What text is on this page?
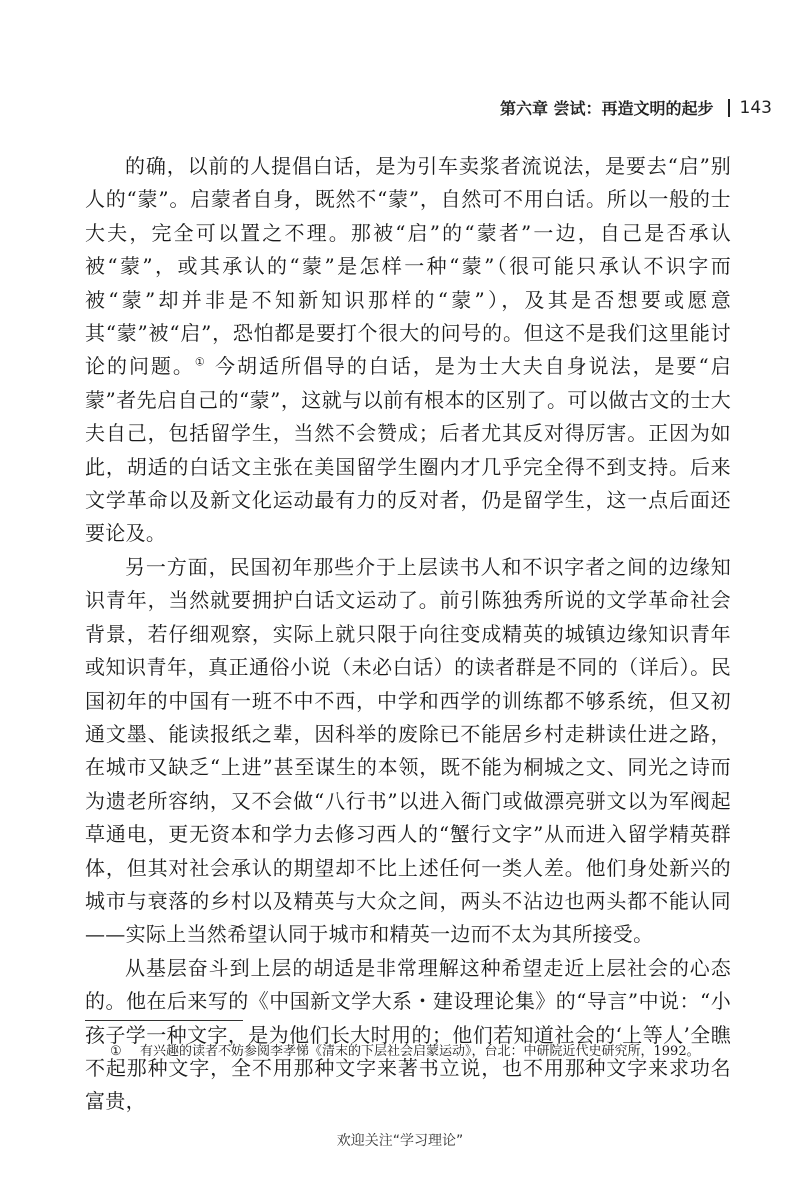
第六章 尝试：再造文明的起步 143

的确，以前的人提倡白话，是为引车卖浆者流说法，是要去“启”别人的“蒙”。启蒙者自身，既然不“蒙”，自然可不用白话。所以一般的士大夫，完全可以置之不理。那被“启”的“蒙者”一边，自己是否承认被“蒙”，或其承认的“蒙”是怎样一种“蒙”（很可能只承认不识字而被“蒙”却并非是不知新知识那样的“蒙”），及其是否想要或愿意其“蒙”被“启”，恐怕都是要打个很大的问号的。但这不是我们这里能讨论的问题。① 今胡适所倡导的白话，是为士大夫自身说法，是要“启蒙”者先启自己的“蒙”，这就与以前有根本的区别了。可以做古文的士大夫自己，包括留学生，当然不会赞成；后者尤其反对得厉害。正因为如此，胡适的白话文主张在美国留学生圈内才几乎完全得不到支持。后来文学革命以及新文化运动最有力的反对者，仍是留学生，这一点后面还要论及。

另一方面，民国初年那些介于上层读书人和不识字者之间的边缘知识青年，当然就要拥护白话文运动了。前引陈独秀所说的文学革命社会背景，若仔细观察，实际上就只限于向往变成精英的城镇边缘知识青年或知识青年，真正通俗小说（未必白话）的读者群是不同的（详后）。民国初年的中国有一班不中不西，中学和西学的训练都不够系统，但又初通文墨、能读报纸之辈，因科举的废除已不能居乡村走耕读仕进之路，在城市又缺乏“上进”甚至谋生的本领，既不能为桐城之文、同光之诗而为遗老所容纳，又不会做“八行书”以进入衙门或做漂亮骈文以为军阀起草通电，更无资本和学力去修习西人的“蟹行文字”从而进入留学精英群体，但其对社会承认的期望却不比上述任何一类人差。他们身处新兴的城市与衰落的乡村以及精英与大众之间，两头不沾边也两头都不能认同——实际上当然希望认同于城市和精英一边而不太为其所接受。

从基层奋斗到上层的胡适是非常理解这种希望走近上层社会的心态的。他在后来写的《中国新文学大系・建设理论集》的“导言”中说：“小孩子学一种文字，是为他们长大时用的；他们若知道社会的‘上等人’全瞧不起那种文字，全不用那种文字来著书立说，也不用那种文字来求功名富贵，

①	有兴趣的读者不妨参阅李孝悌《清末的下层社会启蒙运动》，台北：中研院近代史研究所，1992。
欢迎关注“学习理论”
